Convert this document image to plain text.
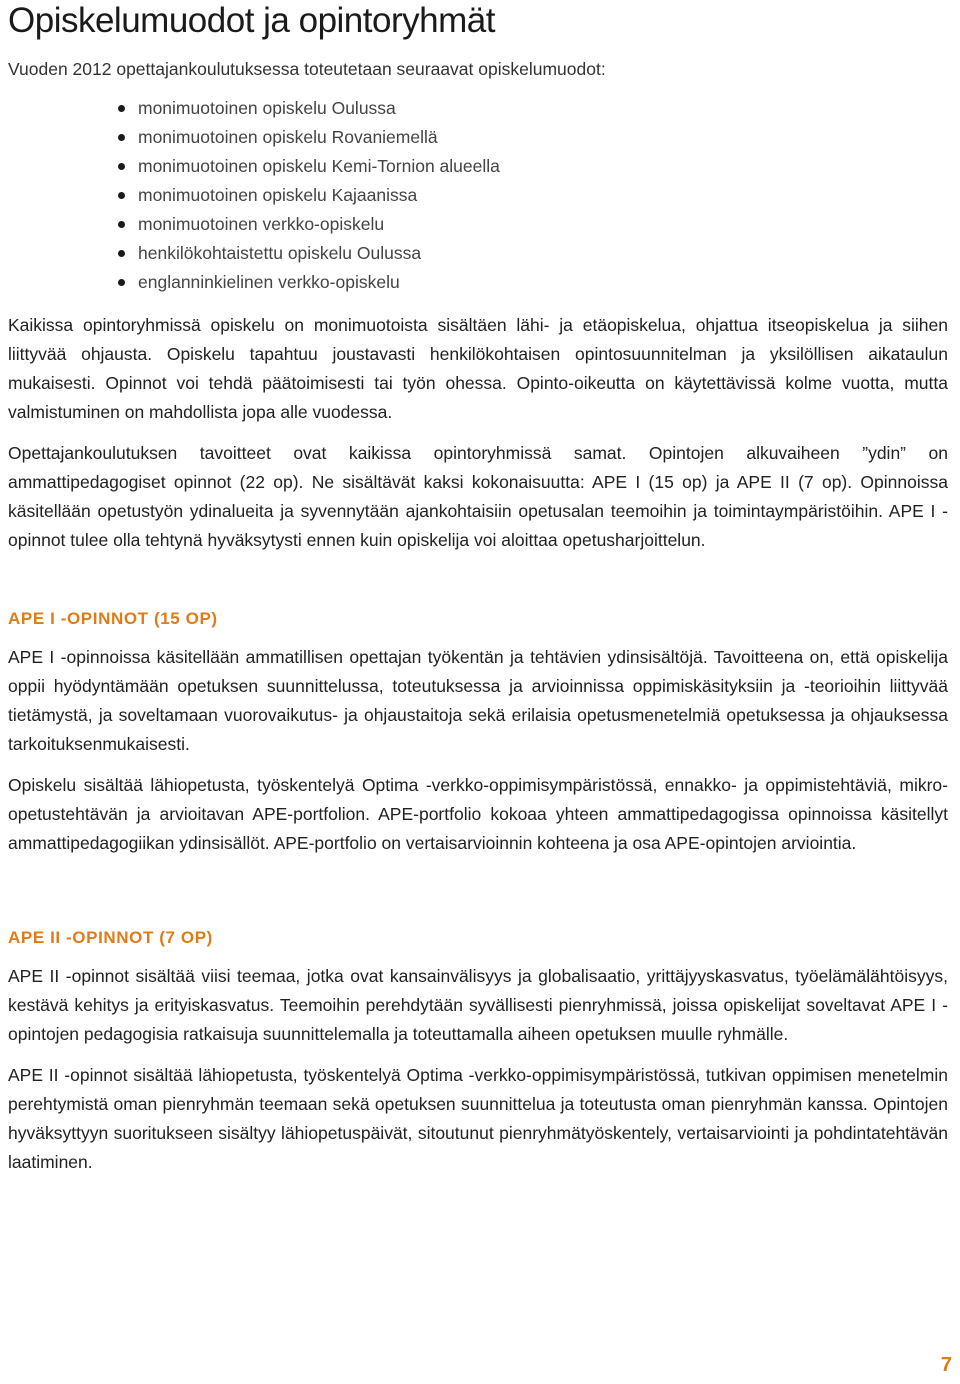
Opiskelumuodot ja opintoryhmät
Vuoden 2012 opettajankoulutuksessa toteutetaan seuraavat opiskelumuodot:
monimuotoinen opiskelu Oulussa
monimuotoinen opiskelu Rovaniemellä
monimuotoinen opiskelu Kemi-Tornion alueella
monimuotoinen opiskelu Kajaanissa
monimuotoinen verkko-opiskelu
henkilökohtaistettu opiskelu Oulussa
englanninkielinen verkko-opiskelu

Kaikissa opintoryhmissä opiskelu on monimuotoista sisältäen lähi- ja etäopiskelua, ohjattua itseopiskelua ja siihen liittyvää ohjausta. Opiskelu tapahtuu joustavasti henkilökohtaisen opintosuunnitelman ja yksilöllisen aikataulun mukaisesti. Opinnot voi tehdä päätoimisesti tai työn ohessa. Opinto-oikeutta on käytettävissä kolme vuotta, mutta valmistuminen on mahdollista jopa alle vuodessa.

Opettajankoulutuksen tavoitteet ovat kaikissa opintoryhmissä samat. Opintojen alkuvaiheen ”ydin” on ammattipedagogiset opinnot (22 op). Ne sisältävät kaksi kokonaisuutta: APE I (15 op) ja APE II (7 op). Opinnoissa käsitellään opetustyön ydinalueita ja syvennytään ajankohtaisiin opetusalan teemoihin ja toimintaympäristöihin. APE I -opinnot tulee olla tehtynä hyväksytysti ennen kuin opiskelija voi aloittaa opetusharjoittelun.

APE I -OPINNOT (15 OP)

APE I -opinnoissa käsitellään ammatillisen opettajan työkentän ja tehtävien ydinsisältöjä. Tavoitteena on, että opiskelija oppii hyödyntämään opetuksen suunnittelussa, toteutuksessa ja arvioinnissa oppimiskäsityksiin ja -teorioihin liittyvää tietämystä, ja soveltamaan vuorovaikutus- ja ohjaustaitoja sekä erilaisia opetusmenetelmiä opetuksessa ja ohjauksessa tarkoituksenmukaisesti.

Opiskelu sisältää lähiopetusta, työskentelyä Optima -verkko-oppimisympäristössä, ennakko- ja oppimistehtäviä, mikro-opetustehtävän ja arvioitavan APE-portfolion. APE-portfolio kokoaa yhteen ammattipedagogissa opinnoissa käsitellyt ammattipedagogiikan ydinsisällöt. APE-portfolio on vertaisarvioinnin kohteena ja osa APE-opintojen arviointia.

APE II -OPINNOT (7 OP)

APE II -opinnot sisältää viisi teemaa, jotka ovat kansainvälisyys ja globalisaatio, yrittäjyyskasvatus, työelämälähtöisyys, kestävä kehitys ja erityiskasvatus. Teemoihin perehdytään syvällisesti pienryhmissä, joissa opiskelijat soveltavat APE I -opintojen pedagogisia ratkaisuja suunnittelemalla ja toteuttamalla aiheen opetuksen muulle ryhmälle.

APE II -opinnot sisältää lähiopetusta, työskentelyä Optima -verkko-oppimisympäristössä, tutkivan oppimisen menetelmin perehtymistä oman pienryhmän teemaan sekä opetuksen suunnittelua ja toteutusta oman pienryhmän kanssa. Opintojen hyväksyttyyn suoritukseen sisältyy lähiopetuspäivät, sitoutunut pienryhmätyöskentely, vertaisarviointi ja pohdintatehtävän laatiminen.

7
